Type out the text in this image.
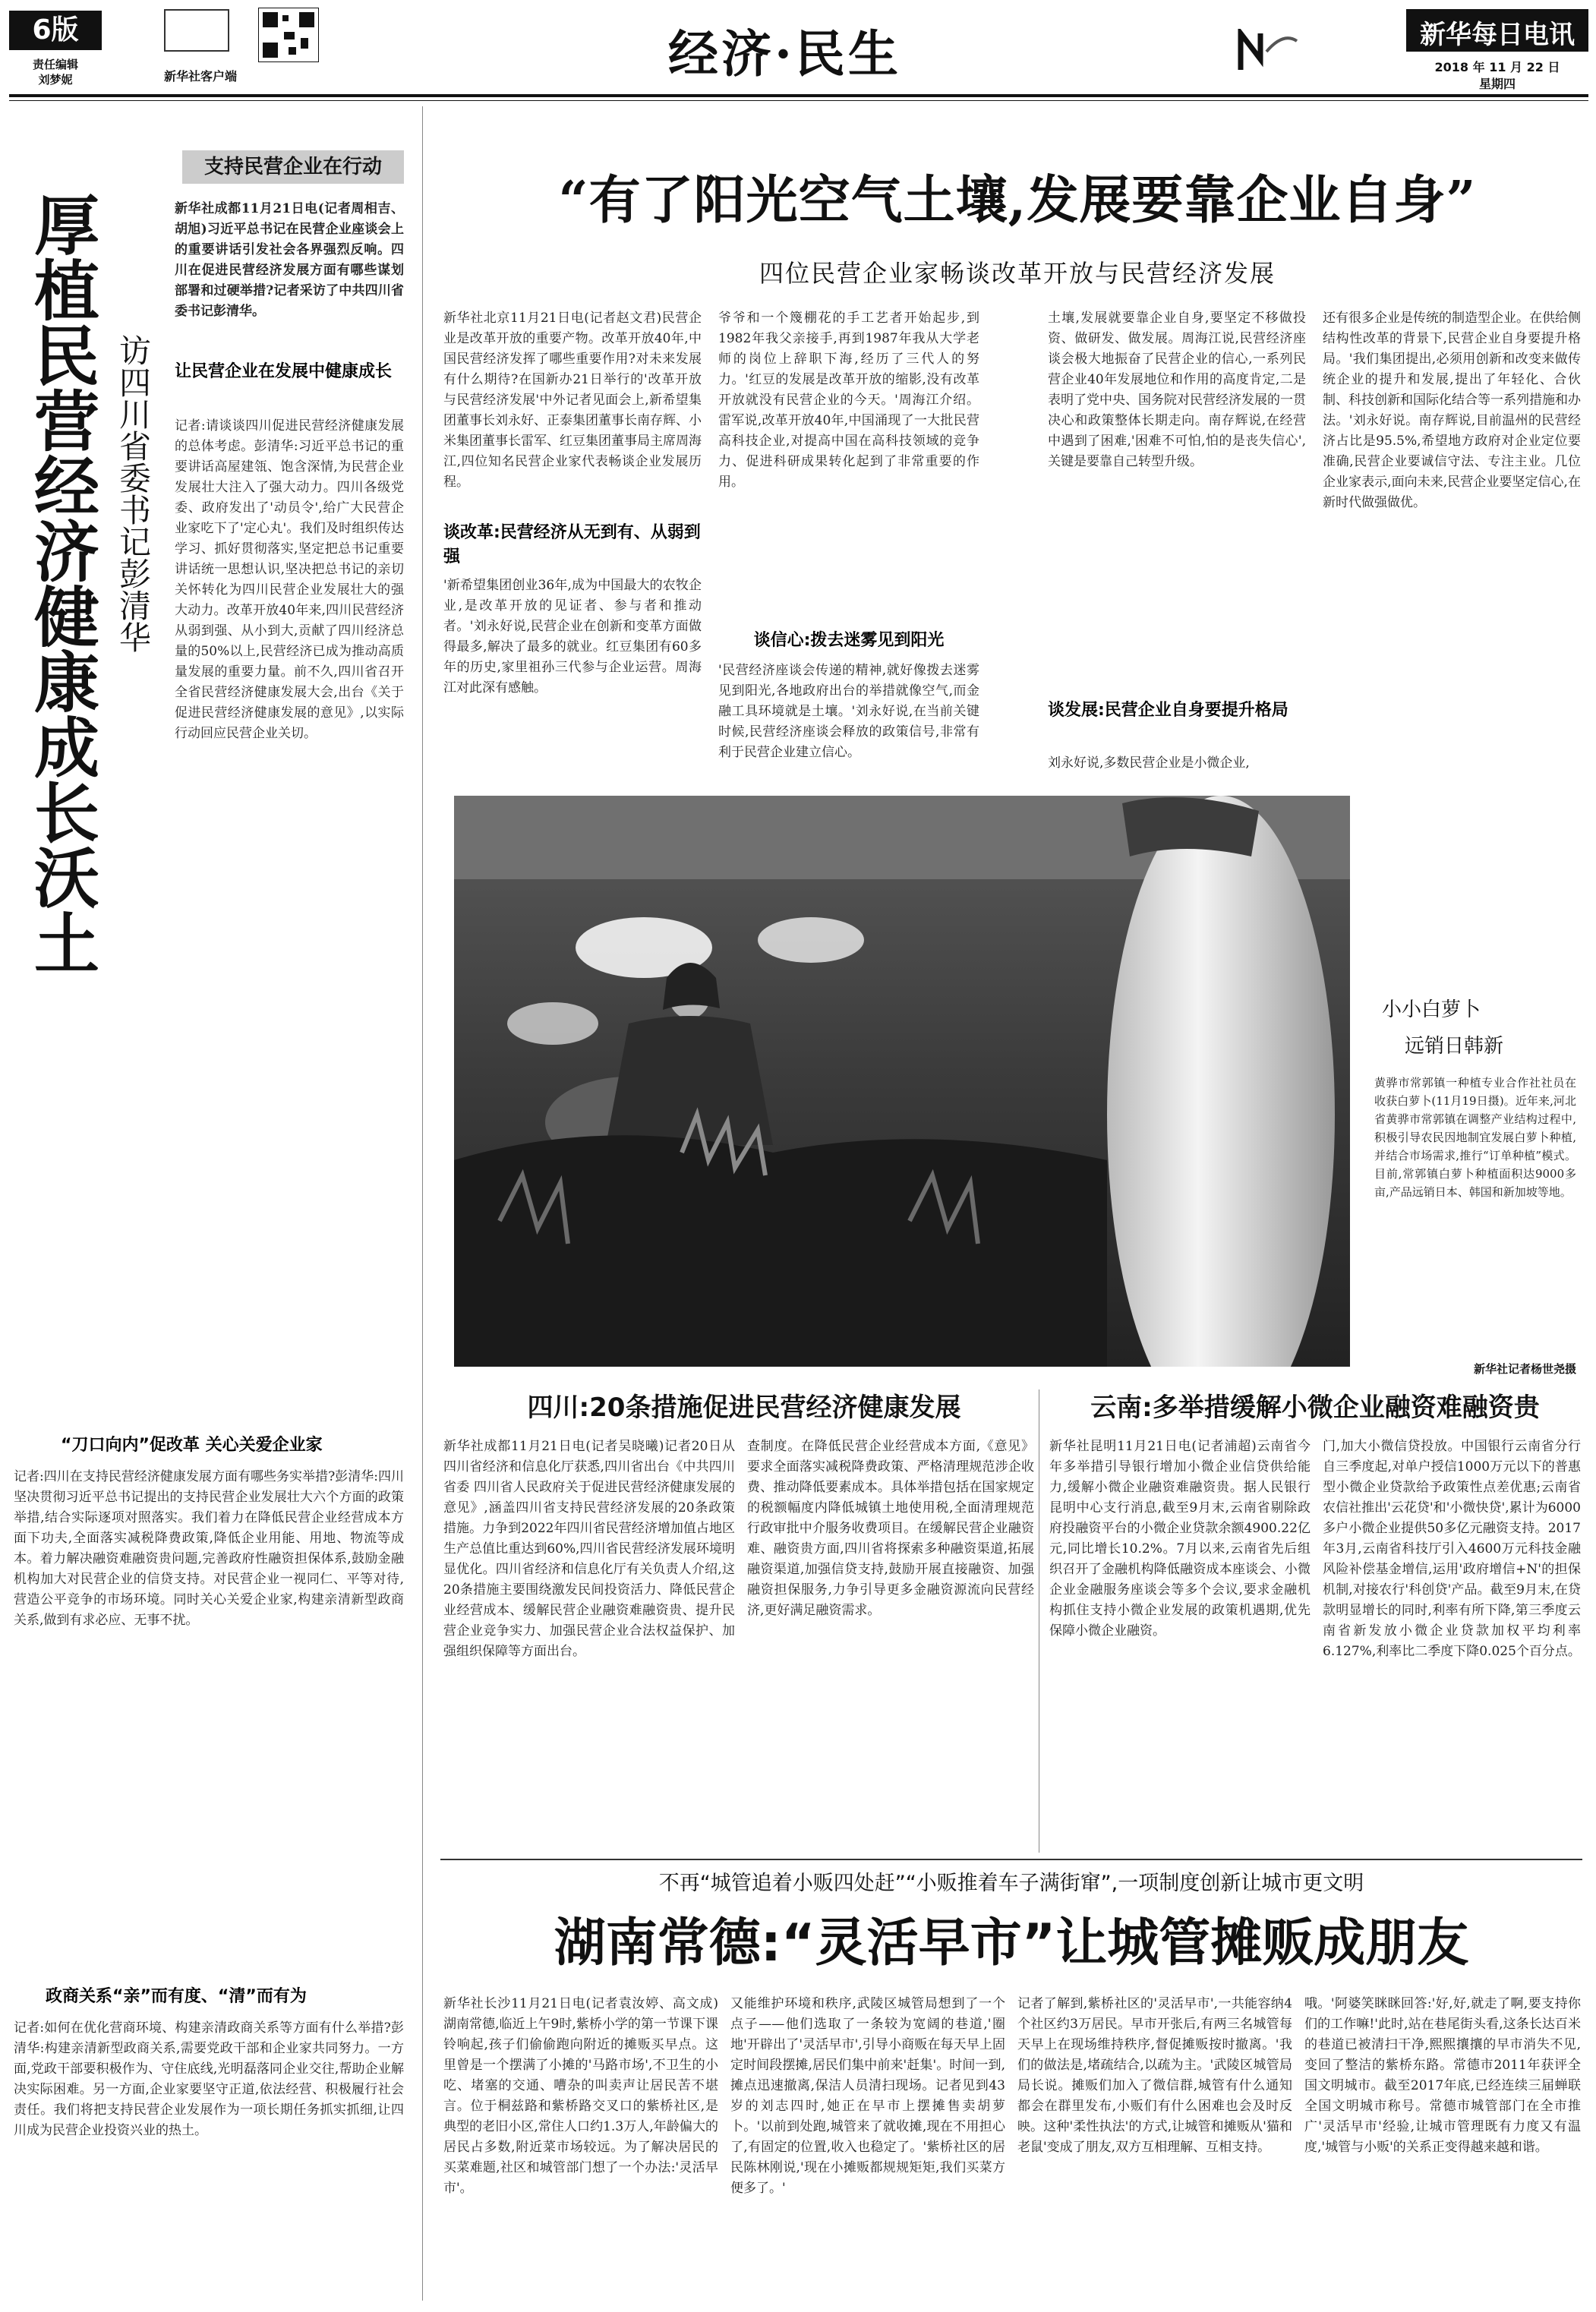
6版
责任编辑
刘梦妮	新华社客户端	经济·民生	新华每日电讯
2018 年 11 月 22 日
星期四
支持民营企业在行动
厚植民营经济健康成长沃土 访四川省委书记彭清华
新华社成都11月21日电(记者周相吉、胡旭)习近平总书记在民营企业座谈会上的重要讲话引发社会各界强烈反响。四川在促进民营经济发展方面有哪些谋划部署和过硬举措?记者采访了中共四川省委书记彭清华。
让民营企业在发展中健康成长
记者:请谈谈四川促进民营经济健康发展的总体考虑。彭清华:习近平总书记的重要讲话高屋建瓴、饱含深情,为民营企业发展壮大注入了强大动力。四川各级党委、政府发出了'动员令',给广大民营企业家吃下了'定心丸'。我们及时组织传达学习、抓好贯彻落实,坚定把总书记重要讲话统一思想认识,坚决把总书记的亲切关怀转化为四川民营企业发展壮大的强大动力。改革开放40年来,四川民营经济从弱到强、从小到大,贡献了四川经济总量的50%以上,民营经济已成为推动高质量发展的重要力量。前不久,四川省召开全省民营经济健康发展大会,出台《关于促进民营经济健康发展的意见》,以实际行动回应民营企业关切。
“刀口向内”促改革 关心关爱企业家
记者:四川在支持民营经济健康发展方面有哪些务实举措?彭清华:四川坚决贯彻习近平总书记提出的支持民营企业发展壮大六个方面的政策举措,结合实际逐项对照落实。我们着力在降低民营企业经营成本方面下功夫,全面落实减税降费政策,降低企业用能、用地、物流等成本。着力解决融资难融资贵问题,完善政府性融资担保体系,鼓励金融机构加大对民营企业的信贷支持。对民营企业一视同仁、平等对待,营造公平竞争的市场环境。同时关心关爱企业家,构建亲清新型政商关系,做到有求必应、无事不扰。
政商关系“亲”而有度、“清”而有为
记者:如何在优化营商环境、构建亲清政商关系等方面有什么举措?彭清华:构建亲清新型政商关系,需要党政干部和企业家共同努力。一方面,党政干部要积极作为、守住底线,光明磊落同企业交往,帮助企业解决实际困难。另一方面,企业家要坚守正道,依法经营、积极履行社会责任。我们将把支持民营企业发展作为一项长期任务抓实抓细,让四川成为民营企业投资兴业的热土。
“有了阳光空气土壤,发展要靠企业自身”
四位民营企业家畅谈改革开放与民营经济发展
新华社北京11月21日电(记者赵文君)民营企业是改革开放的重要产物。改革开放40年,中国民营经济发挥了哪些重要作用?对未来发展有什么期待?在国新办21日举行的'改革开放与民营经济发展'中外记者见面会上,新希望集团董事长刘永好、正泰集团董事长南存辉、小米集团董事长雷军、红豆集团董事局主席周海江,四位知名民营企业家代表畅谈企业发展历程。
谈改革:民营经济从无到有、从弱到强
'新希望集团创业36年,成为中国最大的农牧企业,是改革开放的见证者、参与者和推动者。'刘永好说,民营企业在创新和变革方面做得最多,解决了最多的就业。红豆集团有60多年的历史,家里祖孙三代参与企业运营。周海江对此深有感触。
爷爷和一个篾棚花的手工艺者开始起步,到1982年我父亲接手,再到1987年我从大学老师的岗位上辞职下海,经历了三代人的努力。'红豆的发展是改革开放的缩影,没有改革开放就没有民营企业的今天。'周海江介绍。雷军说,改革开放40年,中国涌现了一大批民营高科技企业,对提高中国在高科技领域的竞争力、促进科研成果转化起到了非常重要的作用。
谈信心:拨去迷雾见到阳光
'民营经济座谈会传递的精神,就好像拨去迷雾见到阳光,各地政府出台的举措就像空气,而金融工具环境就是土壤。'刘永好说,在当前关键时候,民营经济座谈会释放的政策信号,非常有利于民营企业建立信心。
土壤,发展就要靠企业自身,要坚定不移做投资、做研发、做发展。周海江说,民营经济座谈会极大地振奋了民营企业的信心,一系列民营企业40年发展地位和作用的高度肯定,二是表明了党中央、国务院对民营经济发展的一贯决心和政策整体长期走向。南存辉说,在经营中遇到了困难,'困难不可怕,怕的是丧失信心',关键是要靠自己转型升级。
谈发展:民营企业自身要提升格局
刘永好说,多数民营企业是小微企业,
还有很多企业是传统的制造型企业。在供给侧结构性改革的背景下,民营企业自身要提升格局。'我们集团提出,必须用创新和改变来做传统企业的提升和发展,提出了年轻化、合伙制、科技创新和国际化结合等一系列措施和办法。'刘永好说。南存辉说,目前温州的民营经济占比是95.5%,希望地方政府对企业定位要准确,民营企业要诚信守法、专注主业。几位企业家表示,面向未来,民营企业要坚定信心,在新时代做强做优。
小小白萝卜
远销日韩新
黄骅市常郭镇一种植专业合作社社员在收获白萝卜(11月19日摄)。近年来,河北省黄骅市常郭镇在调整产业结构过程中,积极引导农民因地制宜发展白萝卜种植,并结合市场需求,推行“订单种植”模式。目前,常郭镇白萝卜种植面积达9000多亩,产品远销日本、韩国和新加坡等地。
新华社记者杨世尧摄
四川:20条措施促进民营经济健康发展
新华社成都11月21日电(记者吴晓曦)记者20日从四川省经济和信息化厅获悉,四川省出台《中共四川省委 四川省人民政府关于促进民营经济健康发展的意见》,涵盖四川省支持民营经济发展的20条政策措施。力争到2022年四川省民营经济增加值占地区生产总值比重达到60%,四川省民营经济发展环境明显优化。四川省经济和信息化厅有关负责人介绍,这20条措施主要围绕激发民间投资活力、降低民营企业经营成本、缓解民营企业融资难融资贵、提升民营企业竞争实力、加强民营企业合法权益保护、加强组织保障等方面出台。
查制度。在降低民营企业经营成本方面,《意见》要求全面落实减税降费政策、严格清理规范涉企收费、推动降低要素成本。具体举措包括在国家规定的税额幅度内降低城镇土地使用税,全面清理规范行政审批中介服务收费项目。在缓解民营企业融资难、融资贵方面,四川省将探索多种融资渠道,拓展融资渠道,加强信贷支持,鼓励开展直接融资、加强融资担保服务,力争引导更多金融资源流向民营经济,更好满足融资需求。
云南:多举措缓解小微企业融资难融资贵
新华社昆明11月21日电(记者浦超)云南省今年多举措引导银行增加小微企业信贷供给能力,缓解小微企业融资难融资贵。据人民银行昆明中心支行消息,截至9月末,云南省剔除政府投融资平台的小微企业贷款余额4900.22亿元,同比增长10.2%。7月以来,云南省先后组织召开了金融机构降低融资成本座谈会、小微企业金融服务座谈会等多个会议,要求金融机构抓住支持小微企业发展的政策机遇期,优先保障小微企业融资。
门,加大小微信贷投放。中国银行云南省分行自三季度起,对单户授信1000万元以下的普惠型小微企业贷款给予政策性点差优惠;云南省农信社推出'云花贷'和'小微快贷',累计为6000多户小微企业提供50多亿元融资支持。2017年3月,云南省科技厅引入4600万元科技金融风险补偿基金增信,运用'政府增信+N'的担保机制,对接农行'科创贷'产品。截至9月末,在贷款明显增长的同时,利率有所下降,第三季度云南省新发放小微企业贷款加权平均利率6.127%,利率比二季度下降0.025个百分点。
不再“城管追着小贩四处赶”“小贩推着车子满街窜”,一项制度创新让城市更文明
湖南常德:“灵活早市”让城管摊贩成朋友
新华社长沙11月21日电(记者袁汝婷、高文成)湖南常德,临近上午9时,紫桥小学的第一节课下课铃响起,孩子们偷偷跑向附近的摊贩买早点。这里曾是一个摆满了小摊的'马路市场',不卫生的小吃、堵塞的交通、嘈杂的叫卖声让居民苦不堪言。位于桐兹路和紫桥路交叉口的紫桥社区,是典型的老旧小区,常住人口约1.3万人,年龄偏大的居民占多数,附近菜市场较远。为了解决居民的买菜难题,社区和城管部门想了一个办法:'灵活早市'。
又能维护环境和秩序,武陵区城管局想到了一个点子——他们选取了一条较为宽阔的巷道,'圈地'开辟出了'灵活早市',引导小商贩在每天早上固定时间段摆摊,居民们集中前来'赶集'。时间一到,摊点迅速撤离,保洁人员清扫现场。记者见到43岁的刘志四时,她正在早市上摆摊售卖胡萝卜。'以前到处跑,城管来了就收摊,现在不用担心了,有固定的位置,收入也稳定了。'紫桥社区的居民陈林刚说,'现在小摊贩都规规矩矩,我们买菜方便多了。'
记者了解到,紫桥社区的'灵活早市',一共能容纳4个社区约3万居民。早市开张后,有两三名城管每天早上在现场维持秩序,督促摊贩按时撤离。'我们的做法是,堵疏结合,以疏为主。'武陵区城管局局长说。摊贩们加入了微信群,城管有什么通知都会在群里发布,小贩们有什么困难也会及时反映。这种'柔性执法'的方式,让城管和摊贩从'猫和老鼠'变成了朋友,双方互相理解、互相支持。
哦。'阿婆笑眯眯回答:'好,好,就走了啊,要支持你们的工作嘛!'此时,站在巷尾街头看,这条长达百米的巷道已被清扫干净,熙熙攘攘的早市消失不见,变回了整洁的紫桥东路。常德市2011年获评全国文明城市。截至2017年底,已经连续三届蝉联全国文明城市称号。常德市城管部门在全市推广'灵活早市'经验,让城市管理既有力度又有温度,'城管与小贩'的关系正变得越来越和谐。
